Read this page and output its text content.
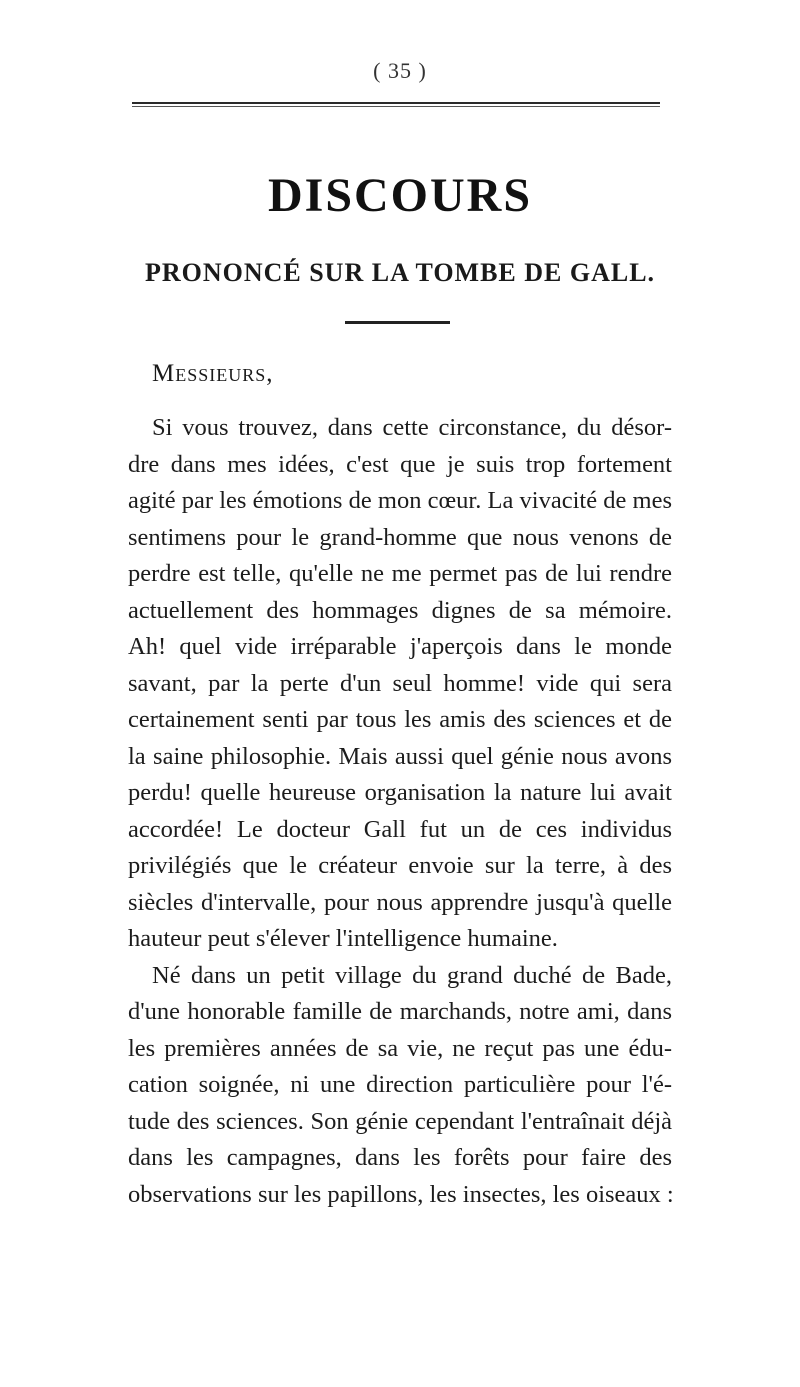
( 35 )
DISCOURS
PRONONCÉ SUR LA TOMBE DE GALL.
Messieurs,

Si vous trouvez, dans cette circonstance, du désor-
dre dans mes idées, c'est que je suis trop fortement
agité par les émotions de mon cœur. La vivacité de mes
sentimens pour le grand-homme que nous venons de
perdre est telle, qu'elle ne me permet pas de lui rendre
actuellement des hommages dignes de sa mémoire.
Ah! quel vide irréparable j'aperçois dans le monde
savant, par la perte d'un seul homme! vide qui sera
certainement senti par tous les amis des sciences et de
la saine philosophie. Mais aussi quel génie nous avons
perdu! quelle heureuse organisation la nature lui avait
accordée! Le docteur Gall fut un de ces individus
privilégiés que le créateur envoie sur la terre, à des
siècles d'intervalle, pour nous apprendre jusqu'à quelle
hauteur peut s'élever l'intelligence humaine.

Né dans un petit village du grand duché de Bade,
d'une honorable famille de marchands, notre ami, dans
les premières années de sa vie, ne reçut pas une édu-
cation soignée, ni une direction particulière pour l'é-
tude des sciences. Son génie cependant l'entraînait déjà
dans les campagnes, dans les forêts pour faire des
observations sur les papillons, les insectes, les oiseaux :
